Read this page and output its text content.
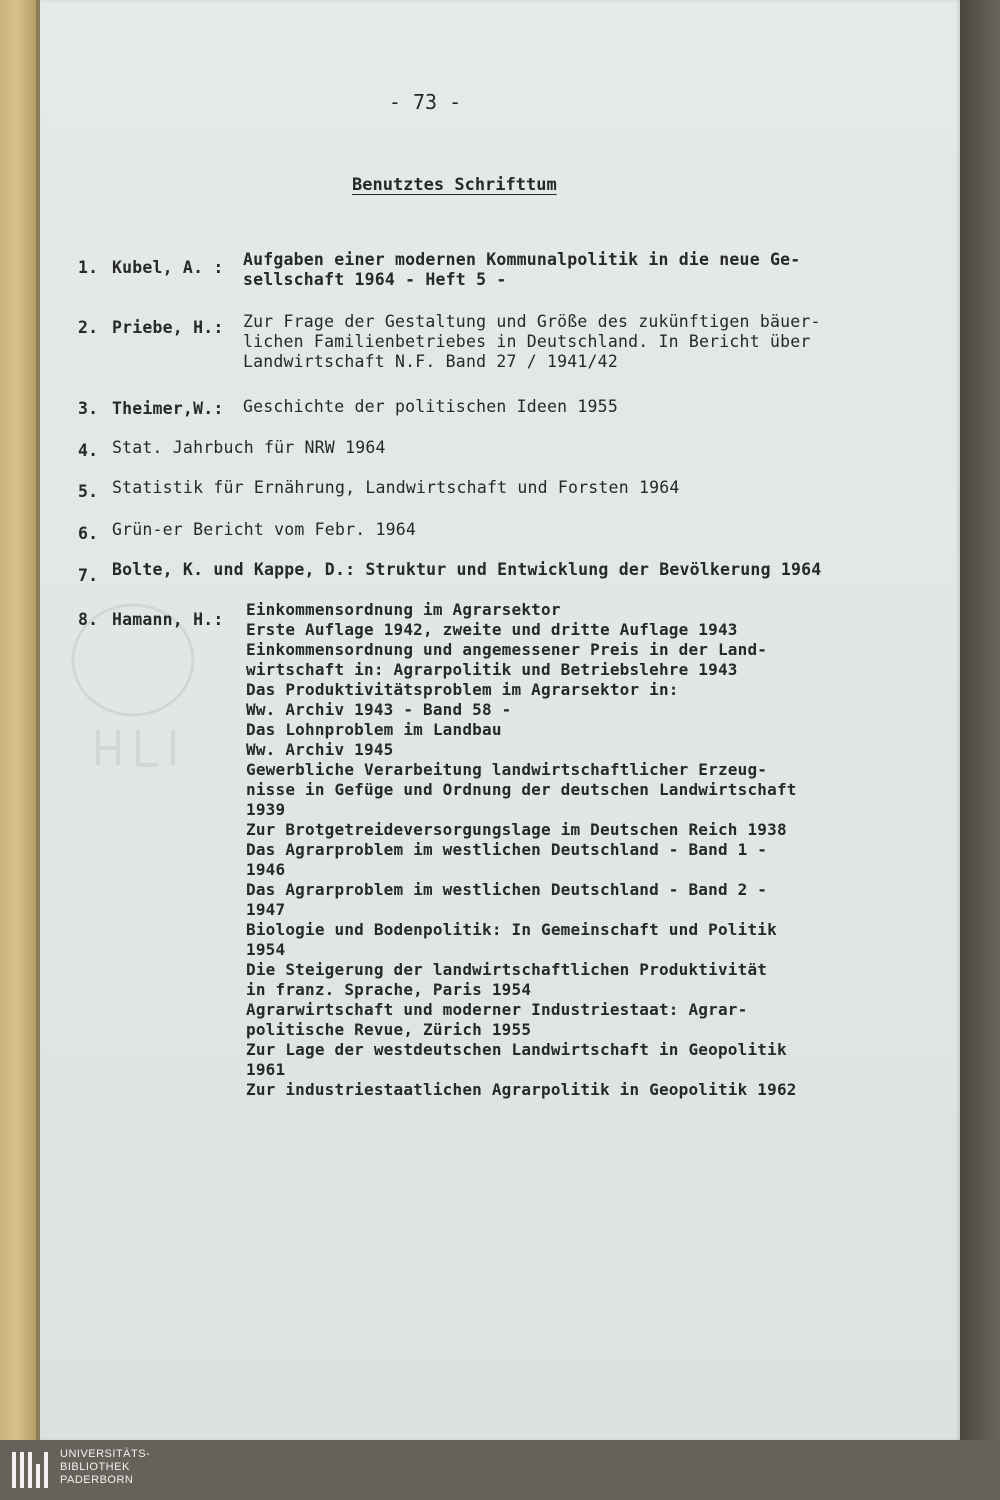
- 73 -
Benutztes Schrifttum
1. Kubel, A. : Aufgaben einer modernen Kommunalpolitik in die neue Ge-
sellschaft 1964 - Heft 5 -
2. Priebe, H.: Zur Frage der Gestaltung und Größe des zukünftigen bäuer-
lichen Familienbetriebes in Deutschland. In Bericht über
Landwirtschaft N.F. Band 27 / 1941/42
3. Theimer,W.: Geschichte der politischen Ideen 1955
4. Stat. Jahrbuch für NRW 1964
5. Statistik für Ernährung, Landwirtschaft und Forsten 1964
6. Grün-er Bericht vom Febr. 1964
7. Bolte, K. und Kappe, D.: Struktur und Entwicklung der Bevölkerung 1964
8. Hamann, H.:
Einkommensordnung im Agrarsektor
Erste Auflage 1942, zweite und dritte Auflage 1943
Einkommensordnung und angemessener Preis in der Land-
wirtschaft in: Agrarpolitik und Betriebslehre 1943
Das Produktivitätsproblem im Agrarsektor in:
Ww. Archiv 1943 - Band 58 -
Das Lohnproblem im Landbau
Ww. Archiv 1945
Gewerbliche Verarbeitung landwirtschaftlicher Erzeug-
nisse in Gefüge und Ordnung der deutschen Landwirtschaft
1939
Zur Brotgetreideversorgungslage im Deutschen Reich 1938
Das Agrarproblem im westlichen Deutschland - Band 1 -
1946
Das Agrarproblem im westlichen Deutschland - Band 2 -
1947
Biologie und Bodenpolitik: In Gemeinschaft und Politik
1954
Die Steigerung der landwirtschaftlichen Produktivität
in franz. Sprache, Paris 1954
Agrarwirtschaft und moderner Industriestaat: Agrar-
politische Revue, Zürich 1955
Zur Lage der westdeutschen Landwirtschaft in Geopolitik
1961
Zur industriestaatlichen Agrarpolitik in Geopolitik 1962
UNIVERSITÄTS-
BIBLIOTHEK
PADERBORN
